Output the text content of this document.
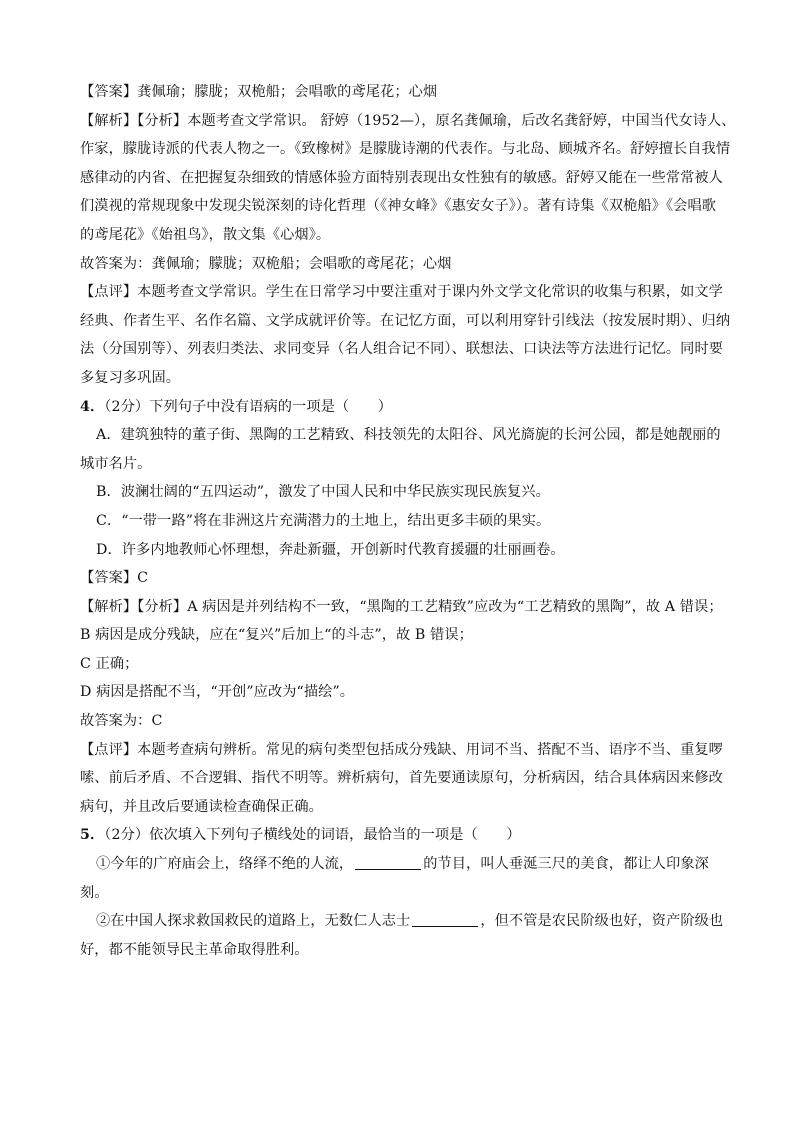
【答案】龚佩瑜；朦胧；双桅船；会唱歌的鸢尾花；心烟
【解析】【分析】本题考查文学常识。 舒婷（1952—），原名龚佩瑜，后改名龚舒婷，中国当代女诗人、
作家，朦胧诗派的代表人物之一。《致橡树》是朦胧诗潮的代表作。与北岛、顾城齐名。舒婷擅长自我情
感律动的内省、在把握复杂细致的情感体验方面特别表现出女性独有的敏感。舒婷又能在一些常常被人
们漠视的常规现象中发现尖锐深刻的诗化哲理（《神女峰》《惠安女子》）。著有诗集《双桅船》《会唱歌
的鸢尾花》《始祖鸟》，散文集《心烟》。
故答案为：龚佩瑜；朦胧；双桅船；会唱歌的鸢尾花；心烟
【点评】本题考查文学常识。学生在日常学习中要注重对于课内外文学文化常识的收集与积累，如文学
经典、作者生平、名作名篇、文学成就评价等。在记忆方面，可以利用穿针引线法（按发展时期）、归纳
法（分国别等）、列表归类法、求同变异（名人组合记不同）、联想法、口诀法等方法进行记忆。同时要
多复习多巩固。
4．（2分）下列句子中没有语病的一项是（　　）
A．建筑独特的董子街、黑陶的工艺精致、科技领先的太阳谷、风光旖旎的长河公园，都是她靓丽的
城市名片。
B．波澜壮阔的“五四运动”，激发了中国人民和中华民族实现民族复兴。
C．“一带一路”将在非洲这片充满潜力的土地上，结出更多丰硕的果实。
D．许多内地教师心怀理想，奔赴新疆，开创新时代教育援疆的壮丽画卷。
【答案】C
【解析】【分析】A 病因是并列结构不一致，“黑陶的工艺精致”应改为“工艺精致的黑陶”，故 A 错误；
B 病因是成分残缺，应在“复兴”后加上“的斗志”，故 B 错误；
C 正确；
D 病因是搭配不当，“开创”应改为“描绘”。
故答案为：C
【点评】本题考查病句辨析。常见的病句类型包括成分残缺、用词不当、搭配不当、语序不当、重复啰
嗦、前后矛盾、不合逻辑、指代不明等。辨析病句，首先要通读原句，分析病因，结合具体病因来修改
病句，并且改后要通读检查确保正确。
5．（2分）依次填入下列句子横线处的词语，最恰当的一项是（　　）
①今年的广府庙会上，络绎不绝的人流，	的节目，叫人垂涎三尺的美食，都让人印象深
刻。
②在中国人探求救国救民的道路上，无数仁人志士	，但不管是农民阶级也好，资产阶级也
好，都不能领导民主革命取得胜利。
